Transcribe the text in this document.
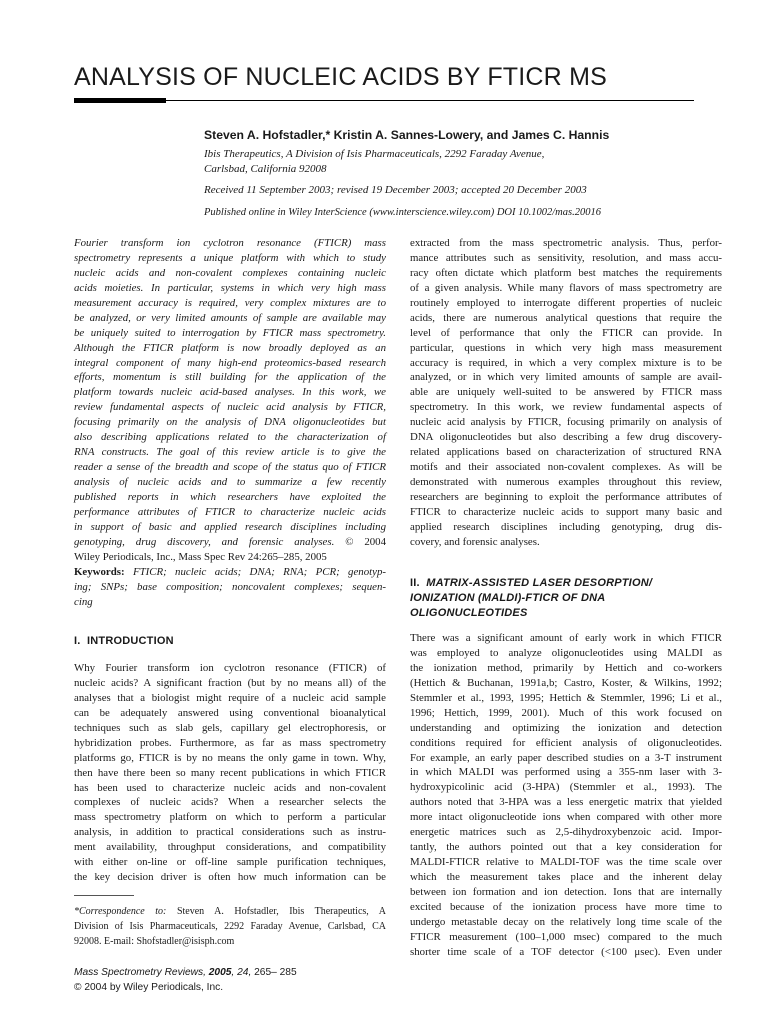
ANALYSIS OF NUCLEIC ACIDS BY FTICR MS
Steven A. Hofstadler,* Kristin A. Sannes-Lowery, and James C. Hannis
Ibis Therapeutics, A Division of Isis Pharmaceuticals, 2292 Faraday Avenue,
Carlsbad, California 92008
Received 11 September 2003; revised 19 December 2003; accepted 20 December 2003
Published online in Wiley InterScience (www.interscience.wiley.com) DOI 10.1002/mas.20016
Fourier transform ion cyclotron resonance (FTICR) mass
spectrometry represents a unique platform with which to study
nucleic acids and non-covalent complexes containing nucleic
acids moieties. In particular, systems in which very high mass
measurement accuracy is required, very complex mixtures are to
be analyzed, or very limited amounts of sample are available may
be uniquely suited to interrogation by FTICR mass spectrometry.
Although the FTICR platform is now broadly deployed as an
integral component of many high-end proteomics-based research
efforts, momentum is still building for the application of the
platform towards nucleic acid-based analyses. In this work, we
review fundamental aspects of nucleic acid analysis by FTICR,
focusing primarily on the analysis of DNA oligonucleotides but
also describing applications related to the characterization of
RNA constructs. The goal of this review article is to give the
reader a sense of the breadth and scope of the status quo of FTICR
analysis of nucleic acids and to summarize a few recently
published reports in which researchers have exploited the
performance attributes of FTICR to characterize nucleic acids
in support of basic and applied research disciplines including
genotyping, drug discovery, and forensic analyses. © 2004
Wiley Periodicals, Inc., Mass Spec Rev 24:265–285, 2005
Keywords: FTICR; nucleic acids; DNA; RNA; PCR; genotyp-
ing; SNPs; base composition; noncovalent complexes; sequen-
cing
I. INTRODUCTION
Why Fourier transform ion cyclotron resonance (FTICR) of
nucleic acids? A significant fraction (but by no means all) of the
analyses that a biologist might require of a nucleic acid sample
can be adequately answered using conventional bioanalytical
techniques such as slab gels, capillary gel electrophoresis, or
hybridization probes. Furthermore, as far as mass spectrometry
platforms go, FTICR is by no means the only game in town. Why,
then have there been so many recent publications in which FTICR
has been used to characterize nucleic acids and non-covalent
complexes of nucleic acids? When a researcher selects the
mass spectrometry platform on which to perform a particular
analysis, in addition to practical considerations such as instru-
ment availability, throughput considerations, and compatibility
with either on-line or off-line sample purification techniques,
the key decision driver is often how much information can be
*Correspondence to: Steven A. Hofstadler, Ibis Therapeutics, A
Division of Isis Pharmaceuticals, 2292 Faraday Avenue, Carlsbad, CA
92008. E-mail: Shofstadler@isisph.com
Mass Spectrometry Reviews, 2005, 24, 265– 285
© 2004 by Wiley Periodicals, Inc.
extracted from the mass spectrometric analysis. Thus, perfor-
mance attributes such as sensitivity, resolution, and mass accu-
racy often dictate which platform best matches the requirements
of a given analysis. While many flavors of mass spectrometry are
routinely employed to interrogate different properties of nucleic
acids, there are numerous analytical questions that require the
level of performance that only the FTICR can provide. In
particular, questions in which very high mass measurement
accuracy is required, in which a very complex mixture is to be
analyzed, or in which very limited amounts of sample are avail-
able are uniquely well-suited to be answered by FTICR mass
spectrometry. In this work, we review fundamental aspects of
nucleic acid analysis by FTICR, focusing primarily on analysis of
DNA oligonucleotides but also describing a few drug discovery-
related applications based on characterization of structured RNA
motifs and their associated non-covalent complexes. As will be
demonstrated with numerous examples throughout this review,
researchers are beginning to exploit the performance attributes of
FTICR to characterize nucleic acids to support many basic and
applied research disciplines including genotyping, drug dis-
covery, and forensic analyses.
II. MATRIX-ASSISTED LASER DESORPTION/
IONIZATION (MALDI)-FTICR OF DNA
OLIGONUCLEOTIDES
There was a significant amount of early work in which FTICR
was employed to analyze oligonucleotides using MALDI as
the ionization method, primarily by Hettich and co-workers
(Hettich & Buchanan, 1991a,b; Castro, Koster, & Wilkins, 1992;
Stemmler et al., 1993, 1995; Hettich & Stemmler, 1996; Li et al.,
1996; Hettich, 1999, 2001). Much of this work focused on
understanding and optimizing the ionization and detection
conditions required for efficient analysis of oligonucleotides.
For example, an early paper described studies on a 3-T instrument
in which MALDI was performed using a 355-nm laser with 3-
hydroxypicolinic acid (3-HPA) (Stemmler et al., 1993). The
authors noted that 3-HPA was a less energetic matrix that yielded
more intact oligonucleotide ions when compared with other more
energetic matrices such as 2,5-dihydroxybenzoic acid. Impor-
tantly, the authors pointed out that a key consideration for
MALDI-FTICR relative to MALDI-TOF was the time scale over
which the measurement takes place and the inherent delay
between ion formation and ion detection. Ions that are internally
excited because of the ionization process have more time to
undergo metastable decay on the relatively long time scale of the
FTICR measurement (100–1,000 msec) compared to the much
shorter time scale of a TOF detector (<100 μsec). Even under
